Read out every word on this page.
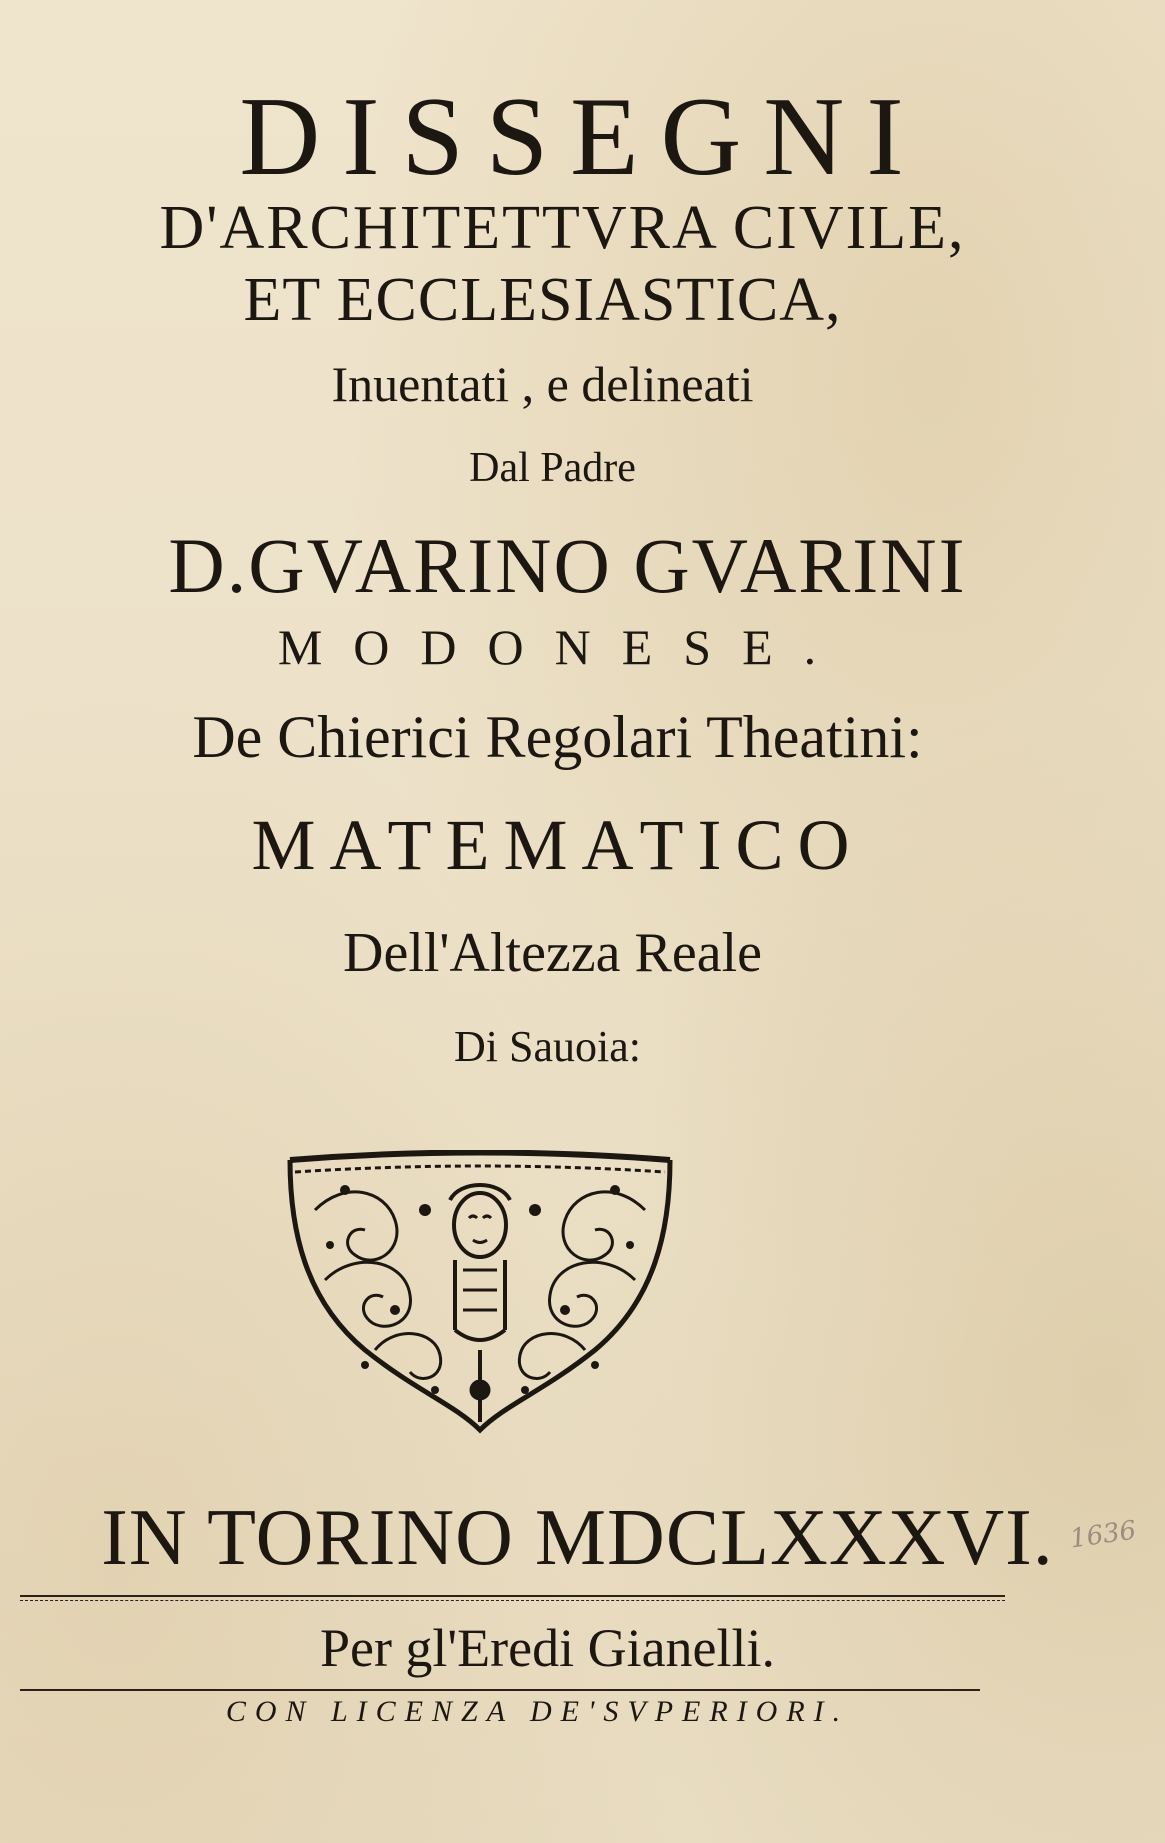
DISSEGNI
D'ARCHITETTVRA CIVILE,
ET ECCLESIASTICA,
Inuentati , e delineati
Dal Padre
D.GVARINO GVARINI
MODONESE.
De Chierici Regolari Theatini:
MATEMATICO
Dell'Altezza Reale
Di Sauoia:
IN TORINO MDCLXXXVI.
Per gl'Eredi Gianelli.
CON LICENZA DE'SVPERIORI.
1636
